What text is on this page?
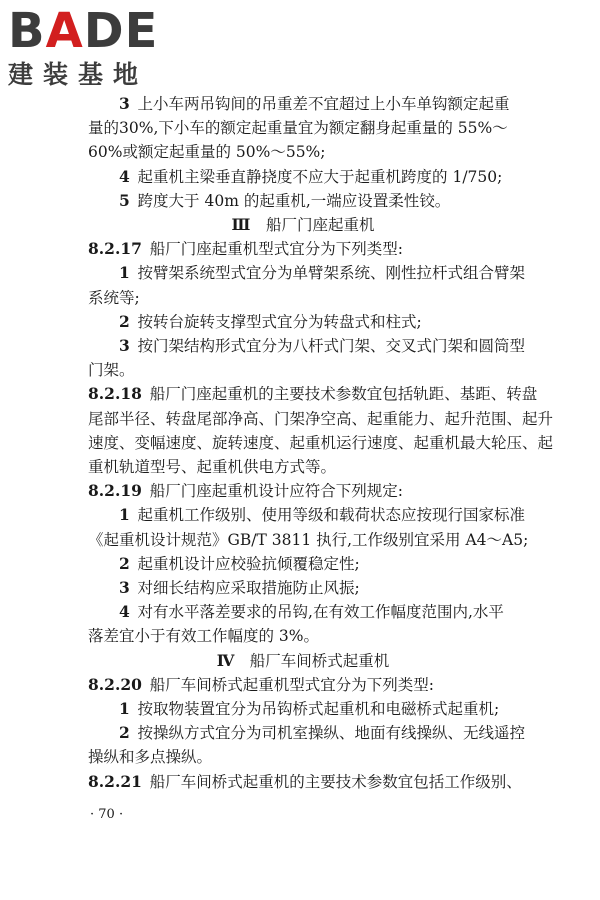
BADE
建装基地
3  上小车两吊钩间的吊重差不宜超过上小车单钩额定起重
量的30%,下小车的额定起重量宜为额定翻身起重量的 55%～
60%或额定起重量的 50%～55%;
4  起重机主梁垂直静挠度不应大于起重机跨度的 1/750;
5  跨度大于 40m 的起重机,一端应设置柔性铰。
Ⅲ  船厂门座起重机
8.2.17  船厂门座起重机型式宜分为下列类型:
1  按臂架系统型式宜分为单臂架系统、刚性拉杆式组合臂架
系统等;
2  按转台旋转支撑型式宜分为转盘式和柱式;
3  按门架结构形式宜分为八杆式门架、交叉式门架和圆筒型
门架。
8.2.18  船厂门座起重机的主要技术参数宜包括轨距、基距、转盘
尾部半径、转盘尾部净高、门架净空高、起重能力、起升范围、起升
速度、变幅速度、旋转速度、起重机运行速度、起重机最大轮压、起
重机轨道型号、起重机供电方式等。
8.2.19  船厂门座起重机设计应符合下列规定:
1  起重机工作级别、使用等级和载荷状态应按现行国家标准
《起重机设计规范》GB/T 3811 执行,工作级别宜采用 A4～A5;
2  起重机设计应校验抗倾覆稳定性;
3  对细长结构应采取措施防止风振;
4  对有水平落差要求的吊钩,在有效工作幅度范围内,水平
落差宜小于有效工作幅度的 3%。
Ⅳ  船厂车间桥式起重机
8.2.20  船厂车间桥式起重机型式宜分为下列类型:
1  按取物装置宜分为吊钩桥式起重机和电磁桥式起重机;
2  按操纵方式宜分为司机室操纵、地面有线操纵、无线遥控
操纵和多点操纵。
8.2.21  船厂车间桥式起重机的主要技术参数宜包括工作级别、
· 70 ·
